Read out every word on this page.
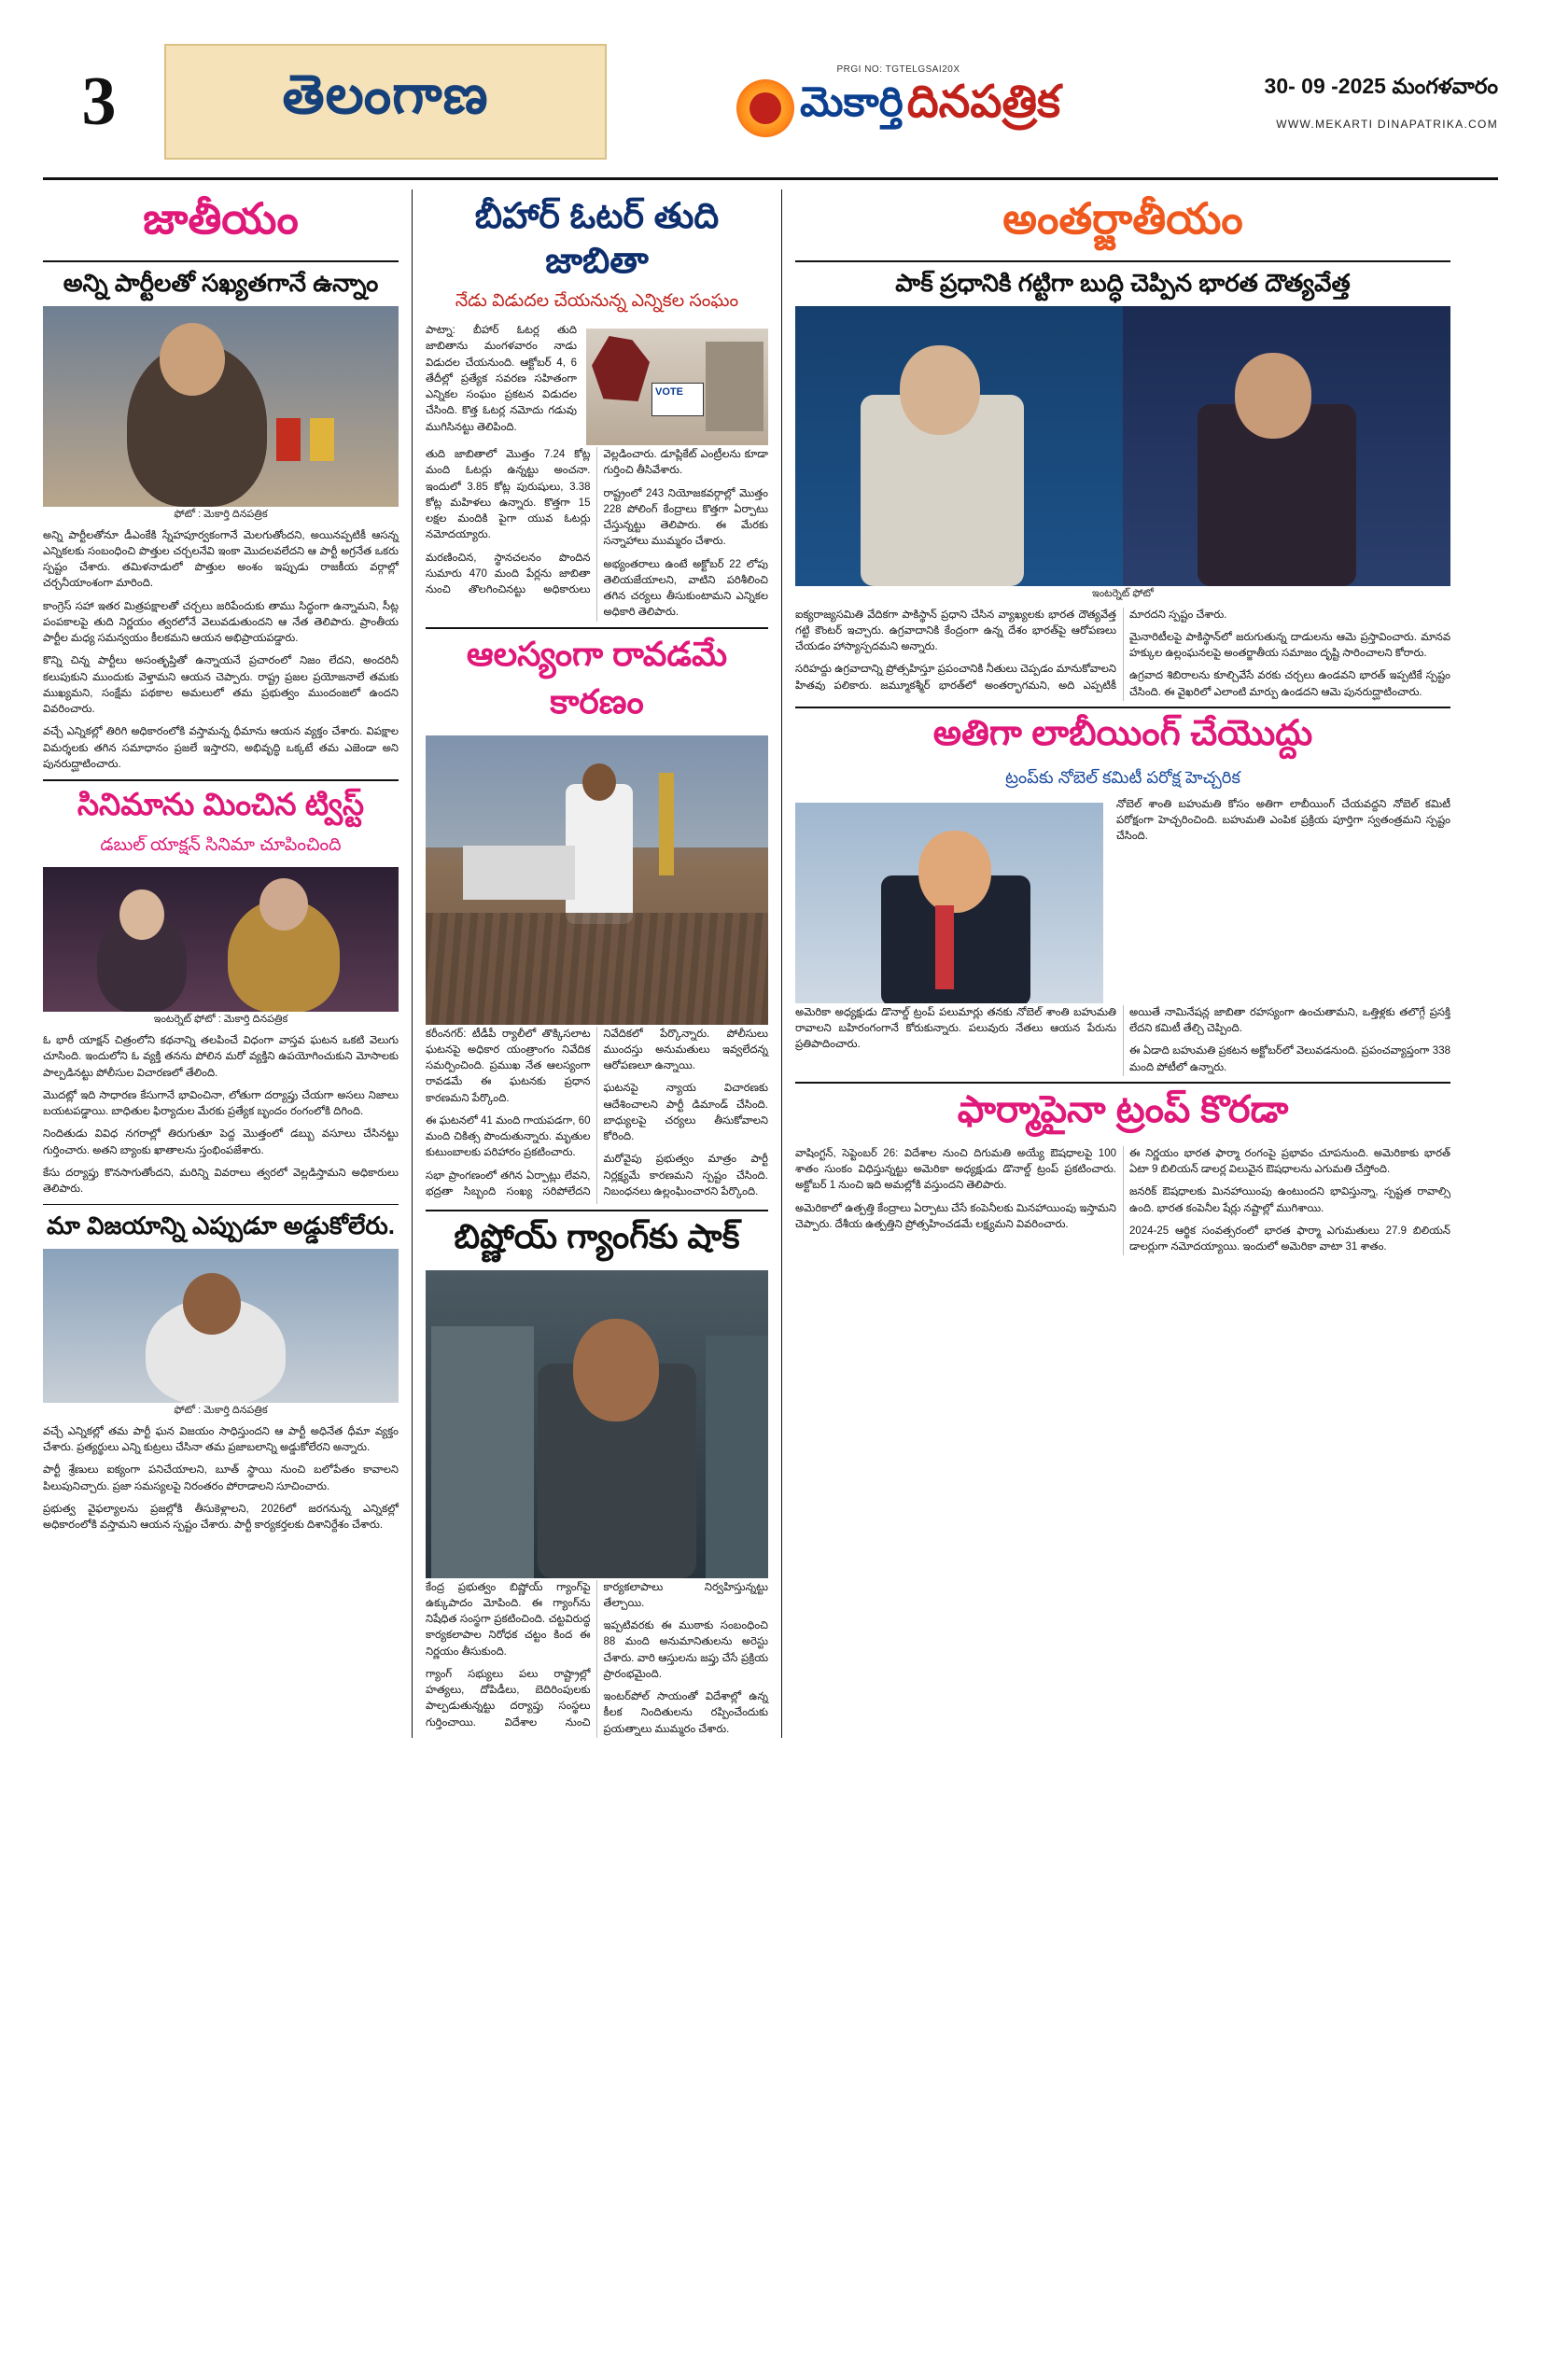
3	తెలంగాణ	PRGI NO: TGTELGSAI20X
మెకార్తి దినపత్రిక	30- 09 -2025 మంగళవారం
WWW.MEKARTI DINAPATRIKA.COM
జాతీయం
అన్ని పార్టీలతో సఖ్యతగానే ఉన్నాం
ఫోటో : మెకార్తి దినపత్రిక

అన్ని పార్టీలతోనూ డీఎంకేకి స్నేహపూర్వకంగానే మెలగుతోందని, అయినప్పటికీ ఆసన్న ఎన్నికలకు సంబంధించి పొత్తుల చర్చలనేవి ఇంకా మొదలవలేదని ఆ పార్టీ అగ్రనేత ఒకరు స్పష్టం చేశారు. తమిళనాడులో పొత్తుల అంశం ఇప్పుడు రాజకీయ వర్గాల్లో చర్చనీయాంశంగా మారింది.

కాంగ్రెస్ సహా ఇతర మిత్రపక్షాలతో చర్చలు జరిపేందుకు తాము సిద్ధంగా ఉన్నామని, సీట్ల పంపకాలపై తుది నిర్ణయం త్వరలోనే వెలువడుతుందని ఆ నేత తెలిపారు. ప్రాంతీయ పార్టీల మధ్య సమన్వయం కీలకమని ఆయన అభిప్రాయపడ్డారు.

కొన్ని చిన్న పార్టీలు అసంతృప్తితో ఉన్నాయనే ప్రచారంలో నిజం లేదని, అందరినీ కలుపుకుని ముందుకు వెళ్తామని ఆయన చెప్పారు. రాష్ట్ర ప్రజల ప్రయోజనాలే తమకు ముఖ్యమని, సంక్షేమ పథకాల అమలులో తమ ప్రభుత్వం ముందంజలో ఉందని వివరించారు.

వచ్చే ఎన్నికల్లో తిరిగి అధికారంలోకి వస్తామన్న ధీమాను ఆయన వ్యక్తం చేశారు. విపక్షాల విమర్శలకు తగిన సమాధానం ప్రజలే ఇస్తారని, అభివృద్ధి ఒక్కటే తమ ఎజెండా అని పునరుద్ఘాటించారు.

సినిమాను మించిన ట్విస్ట్
డబుల్ యాక్షన్ సినిమా చూపించింది
ఇంటర్నెట్ ఫోటో : మెకార్తి దినపత్రిక

ఓ భారీ యాక్షన్ చిత్రంలోని కథనాన్ని తలపించే విధంగా వాస్తవ ఘటన ఒకటి వెలుగు చూసింది. ఇందులోని ఓ వ్యక్తి తనను పోలిన మరో వ్యక్తిని ఉపయోగించుకుని మోసాలకు పాల్పడినట్టు పోలీసుల విచారణలో తేలింది.

మొదట్లో ఇది సాధారణ కేసుగానే భావించినా, లోతుగా దర్యాప్తు చేయగా అసలు నిజాలు బయటపడ్డాయి. బాధితుల ఫిర్యాదుల మేరకు ప్రత్యేక బృందం రంగంలోకి దిగింది.

నిందితుడు వివిధ నగరాల్లో తిరుగుతూ పెద్ద మొత్తంలో డబ్బు వసూలు చేసినట్టు గుర్తించారు. అతని బ్యాంకు ఖాతాలను స్తంభింపజేశారు.

కేసు దర్యాప్తు కొనసాగుతోందని, మరిన్ని వివరాలు త్వరలో వెల్లడిస్తామని అధికారులు తెలిపారు.

మా విజయాన్ని ఎప్పుడూ అడ్డుకోలేరు.
ఫోటో : మెకార్తి దినపత్రిక

వచ్చే ఎన్నికల్లో తమ పార్టీ ఘన విజయం సాధిస్తుందని ఆ పార్టీ అధినేత ధీమా వ్యక్తం చేశారు. ప్రత్యర్థులు ఎన్ని కుట్రలు చేసినా తమ ప్రజాబలాన్ని అడ్డుకోలేరని అన్నారు.

పార్టీ శ్రేణులు ఐక్యంగా పనిచేయాలని, బూత్ స్థాయి నుంచి బలోపేతం కావాలని పిలుపునిచ్చారు. ప్రజా సమస్యలపై నిరంతరం పోరాడాలని సూచించారు.

ప్రభుత్వ వైఫల్యాలను ప్రజల్లోకి తీసుకెళ్లాలని, 2026లో జరగనున్న ఎన్నికల్లో అధికారంలోకి వస్తామని ఆయన స్పష్టం చేశారు. పార్టీ కార్యకర్తలకు దిశానిర్దేశం చేశారు.

బీహార్ ఓటర్ తుది జాబితా
నేడు విడుదల చేయనున్న ఎన్నికల సంఘం

పాట్నా: బీహార్ ఓటర్ల తుది జాబితాను మంగళవారం నాడు విడుదల చేయనుంది. ఆక్టోబర్ 4, 6 తేదీల్లో ప్రత్యేక సవరణ సహితంగా ఎన్నికల సంఘం ప్రకటన విడుదల చేసింది. కొత్త ఓటర్ల నమోదు గడువు ముగిసినట్టు తెలిపింది.

VOTE

తుది జాబితాలో మొత్తం 7.24 కోట్ల మంది ఓటర్లు ఉన్నట్టు అంచనా. ఇందులో 3.85 కోట్ల పురుషులు, 3.38 కోట్ల మహిళలు ఉన్నారు. కొత్తగా 15 లక్షల మందికి పైగా యువ ఓటర్లు నమోదయ్యారు.

మరణించిన, స్థానచలనం పొందిన సుమారు 470 మంది పేర్లను జాబితా నుంచి తొలగించినట్టు అధికారులు వెల్లడించారు. డూప్లికేట్ ఎంట్రీలను కూడా గుర్తించి తీసివేశారు.

రాష్ట్రంలో 243 నియోజకవర్గాల్లో మొత్తం 228 పోలింగ్ కేంద్రాలు కొత్తగా ఏర్పాటు చేస్తున్నట్టు తెలిపారు. ఈ మేరకు సన్నాహాలు ముమ్మరం చేశారు.

అభ్యంతరాలు ఉంటే అక్టోబర్ 22 లోపు తెలియజేయాలని, వాటిని పరిశీలించి తగిన చర్యలు తీసుకుంటామని ఎన్నికల అధికారి తెలిపారు.

ఆలస్యంగా రావడమే కారణం

కరీంనగర్: టీడీపీ ర్యాలీలో తొక్కిసలాట ఘటనపై అధికార యంత్రాంగం నివేదిక సమర్పించింది. ప్రముఖ నేత ఆలస్యంగా రావడమే ఈ ఘటనకు ప్రధాన కారణమని పేర్కొంది.

ఈ ఘటనలో 41 మంది గాయపడగా, 60 మంది చికిత్స పొందుతున్నారు. మృతుల కుటుంబాలకు పరిహారం ప్రకటించారు.

సభా ప్రాంగణంలో తగిన ఏర్పాట్లు లేవని, భద్రతా సిబ్బంది సంఖ్య సరిపోలేదని నివేదికలో పేర్కొన్నారు. పోలీసులు ముందస్తు అనుమతులు ఇవ్వలేదన్న ఆరోపణలూ ఉన్నాయి.

ఘటనపై న్యాయ విచారణకు ఆదేశించాలని పార్టీ డిమాండ్ చేసింది. బాధ్యులపై చర్యలు తీసుకోవాలని కోరింది.

మరోవైపు ప్రభుత్వం మాత్రం పార్టీ నిర్లక్ష్యమే కారణమని స్పష్టం చేసింది. నిబంధనలు ఉల్లంఘించారని పేర్కొంది.

బిష్ణోయ్ గ్యాంగ్‌కు షాక్

కేంద్ర ప్రభుత్వం బిష్ణోయ్ గ్యాంగ్‌పై ఉక్కుపాదం మోపింది. ఈ గ్యాంగ్‌ను నిషేధిత సంస్థగా ప్రకటించింది. చట్టవిరుద్ధ కార్యకలాపాల నిరోధక చట్టం కింద ఈ నిర్ణయం తీసుకుంది.

గ్యాంగ్ సభ్యులు పలు రాష్ట్రాల్లో హత్యలు, దోపిడీలు, బెదిరింపులకు పాల్పడుతున్నట్టు దర్యాప్తు సంస్థలు గుర్తించాయి. విదేశాల నుంచి కార్యకలాపాలు నిర్వహిస్తున్నట్టు తేల్చాయి.

ఇప్పటివరకు ఈ ముఠాకు సంబంధించి 88 మంది అనుమానితులను అరెస్టు చేశారు. వారి ఆస్తులను జప్తు చేసే ప్రక్రియ ప్రారంభమైంది.

ఇంటర్‌పోల్ సాయంతో విదేశాల్లో ఉన్న కీలక నిందితులను రప్పించేందుకు ప్రయత్నాలు ముమ్మరం చేశారు.

అంతర్జాతీయం
పాక్ ప్రధానికి గట్టిగా బుద్ధి చెప్పిన భారత దౌత్యవేత్త
ఇంటర్నెట్ ఫోటో

ఐక్యరాజ్యసమితి వేదికగా పాకిస్థాన్ ప్రధాని చేసిన వ్యాఖ్యలకు భారత దౌత్యవేత్త గట్టి కౌంటర్ ఇచ్చారు. ఉగ్రవాదానికి కేంద్రంగా ఉన్న దేశం భారత్‌పై ఆరోపణలు చేయడం హాస్యాస్పదమని అన్నారు.

సరిహద్దు ఉగ్రవాదాన్ని ప్రోత్సహిస్తూ ప్రపంచానికి నీతులు చెప్పడం మానుకోవాలని హితవు పలికారు. జమ్మూకశ్మీర్ భారత్‌లో అంతర్భాగమని, అది ఎప్పటికీ మారదని స్పష్టం చేశారు.

మైనారిటీలపై పాకిస్థాన్‌లో జరుగుతున్న దాడులను ఆమె ప్రస్తావించారు. మానవ హక్కుల ఉల్లంఘనలపై అంతర్జాతీయ సమాజం దృష్టి సారించాలని కోరారు.

ఉగ్రవాద శిబిరాలను కూల్చివేసే వరకు చర్చలు ఉండవని భారత్ ఇప్పటికే స్పష్టం చేసింది. ఈ వైఖరిలో ఎలాంటి మార్పు ఉండదని ఆమె పునరుద్ఘాటించారు.

అతిగా లాబీయింగ్ చేయొద్దు
ట్రంప్‌కు నోబెల్ కమిటీ పరోక్ష హెచ్చరిక

నోబెల్ శాంతి బహుమతి కోసం అతిగా లాబీయింగ్ చేయవద్దని నోబెల్ కమిటీ పరోక్షంగా హెచ్చరించింది. బహుమతి ఎంపిక ప్రక్రియ పూర్తిగా స్వతంత్రమని స్పష్టం చేసింది.

అమెరికా అధ్యక్షుడు డొనాల్డ్ ట్రంప్ పలుమార్లు తనకు నోబెల్ శాంతి బహుమతి రావాలని బహిరంగంగానే కోరుకున్నారు. పలువురు నేతలు ఆయన పేరును ప్రతిపాదించారు.

అయితే నామినేషన్ల జాబితా రహస్యంగా ఉంచుతామని, ఒత్తిళ్లకు తలొగ్గే ప్రసక్తి లేదని కమిటీ తేల్చి చెప్పింది.

ఈ ఏడాది బహుమతి ప్రకటన అక్టోబర్‌లో వెలువడనుంది. ప్రపంచవ్యాప్తంగా 338 మంది పోటీలో ఉన్నారు.

ఫార్మాపైనా ట్రంప్ కొరడా

వాషింగ్టన్, సెప్టెంబర్ 26: విదేశాల నుంచి దిగుమతి అయ్యే ఔషధాలపై 100 శాతం సుంకం విధిస్తున్నట్టు అమెరికా అధ్యక్షుడు డొనాల్డ్ ట్రంప్ ప్రకటించారు. అక్టోబర్ 1 నుంచి ఇది అమల్లోకి వస్తుందని తెలిపారు.

అమెరికాలో ఉత్పత్తి కేంద్రాలు ఏర్పాటు చేసే కంపెనీలకు మినహాయింపు ఇస్తామని చెప్పారు. దేశీయ ఉత్పత్తిని ప్రోత్సహించడమే లక్ష్యమని వివరించారు.

ఈ నిర్ణయం భారత ఫార్మా రంగంపై ప్రభావం చూపనుంది. అమెరికాకు భారత్ ఏటా 9 బిలియన్ డాలర్ల విలువైన ఔషధాలను ఎగుమతి చేస్తోంది.

జనరిక్ ఔషధాలకు మినహాయింపు ఉంటుందని భావిస్తున్నా, స్పష్టత రావాల్సి ఉంది. భారత కంపెనీల షేర్లు నష్టాల్లో ముగిశాయి.

2024-25 ఆర్థిక సంవత్సరంలో భారత ఫార్మా ఎగుమతులు 27.9 బిలియన్ డాలర్లుగా నమోదయ్యాయి. ఇందులో అమెరికా వాటా 31 శాతం.
